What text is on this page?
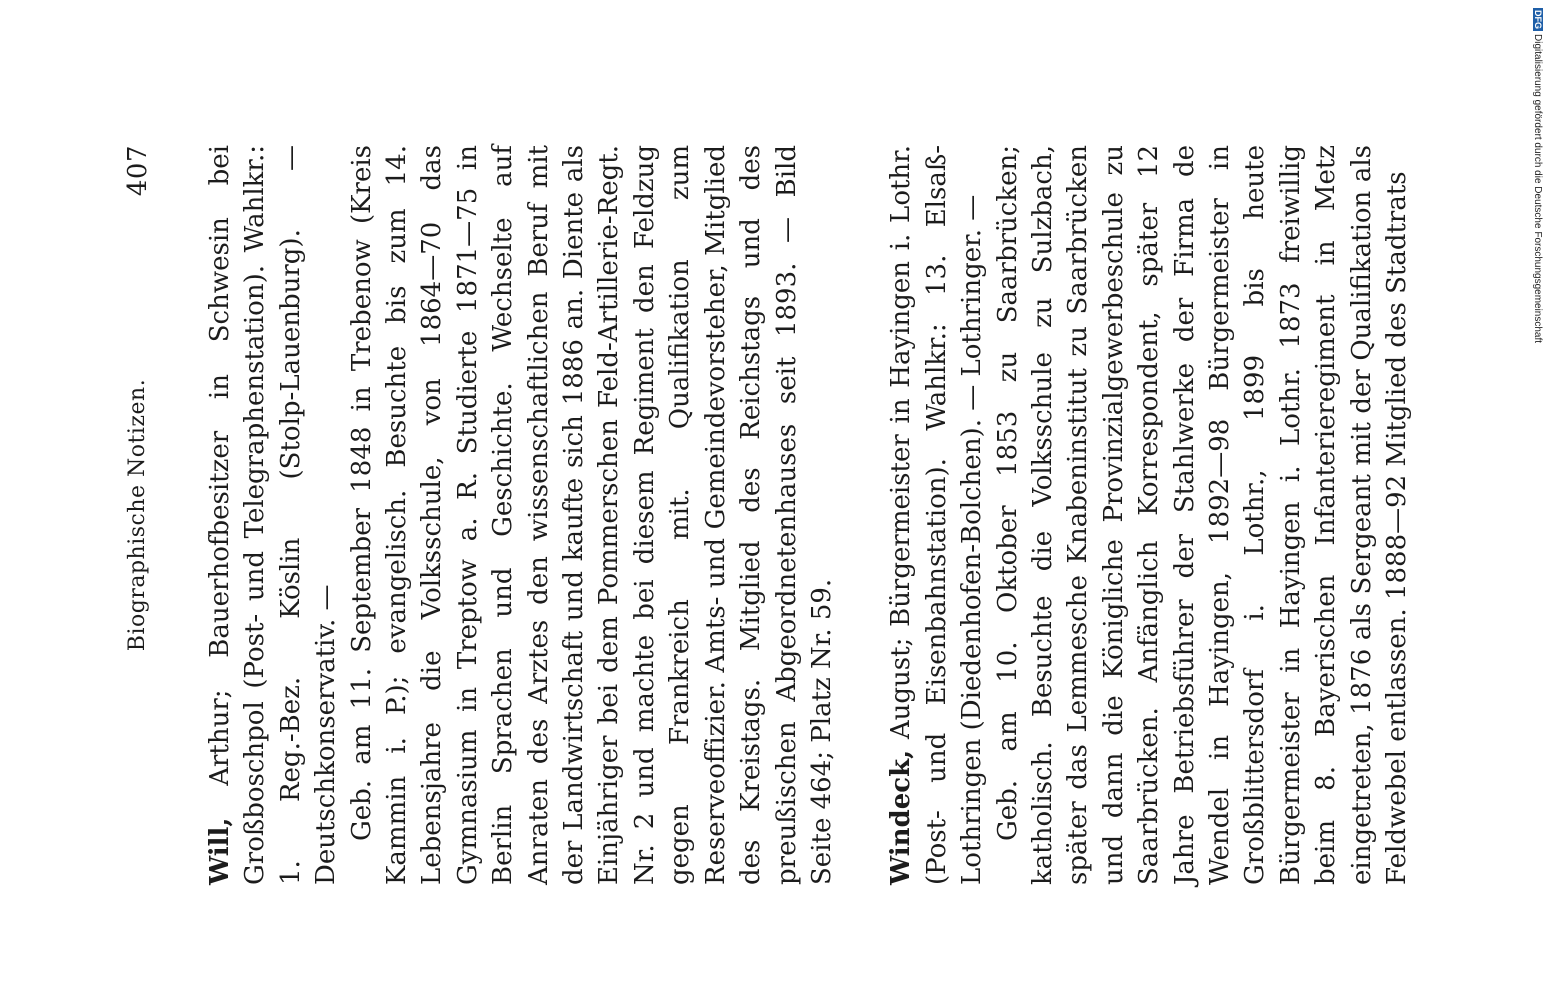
Biographische Notizen.
407

Will, Arthur; Bauerhofbesitzer in Schwesin bei Großboschpol (Post- und Telegraphenstation). Wahlkr.: 1. Reg.-Bez. Köslin (Stolp-Lauenburg). — Deutschkonservativ. — Geb. am 11. September 1848 in Trebenow (Kreis Kammin i. P.); evangelisch. Besuchte bis zum 14. Lebensjahre die Volksschule, von 1864—70 das Gymnasium in Treptow a. R. Studierte 1871—75 in Berlin Sprachen und Geschichte. Wechselte auf Anraten des Arztes den wissenschaftlichen Beruf mit der Landwirtschaft und kaufte sich 1886 an. Diente als Einjähriger bei dem Pommerschen Feld-Artillerie-Regt. Nr. 2 und machte bei diesem Regiment den Feldzug gegen Frankreich mit. Qualifikation zum Reserveoffizier. Amts- und Gemeindevorsteher, Mitglied des Kreistags. Mitglied des Reichstags und des preußischen Abgeordnetenhauses seit 1893. — Bild Seite 464; Platz Nr. 59. Windeck, August; Bürgermeister in Hayingen i. Lothr. (Post- und Eisenbahnstation). Wahlkr.: 13. Elsaß-Lothringen (Diedenhofen-Bolchen). — Lothringer. — Geb. am 10. Oktober 1853 zu Saarbrücken; katholisch. Besuchte die Volksschule zu Sulzbach, später das Lemmesche Knabeninstitut zu Saarbrücken und dann die Königliche Provinzialgewerbeschule zu Saarbrücken. Anfänglich Korrespondent, später 12 Jahre Betriebsführer der Stahlwerke der Firma de Wendel in Hayingen, 1892—98 Bürgermeister in Großblittersdorf i. Lothr., 1899 bis heute Bürgermeister in Hayingen i. Lothr. 1873 freiwillig beim 8. Bayerischen Infanterieregiment in Metz eingetreten, 1876 als Sergeant mit der Qualifikation als Feldwebel entlassen. 1888—92 Mitglied des Stadtrats

DFGDigitalisierung gefördert durch die Deutsche Forschungsgemeinschaft
